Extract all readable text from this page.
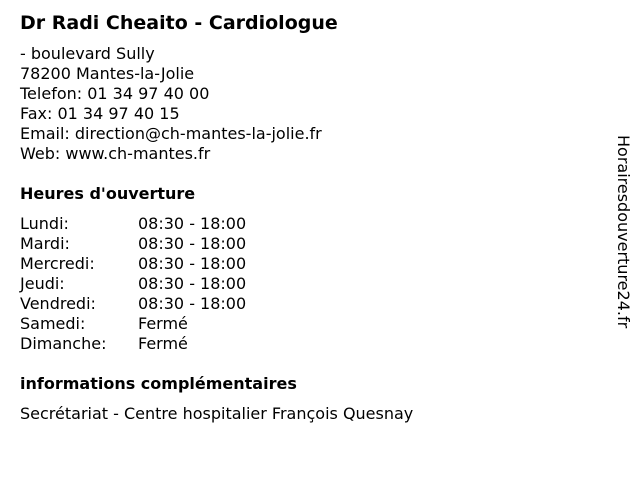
Dr Radi Cheaito - Cardiologue
- boulevard Sully
78200 Mantes-la-Jolie
Telefon: 01 34 97 40 00
Fax: 01 34 97 40 15
Email: direction@ch-mantes-la-jolie.fr
Web: www.ch-mantes.fr
Heures d'ouverture
Lundi:	08:30 - 18:00
Mardi:	08:30 - 18:00
Mercredi:	08:30 - 18:00
Jeudi:	08:30 - 18:00
Vendredi:	08:30 - 18:00
Samedi:	Fermé
Dimanche: Fermé
informations complémentaires
Secrétariat - Centre hospitalier François Quesnay
Horairesdouverture24.fr
